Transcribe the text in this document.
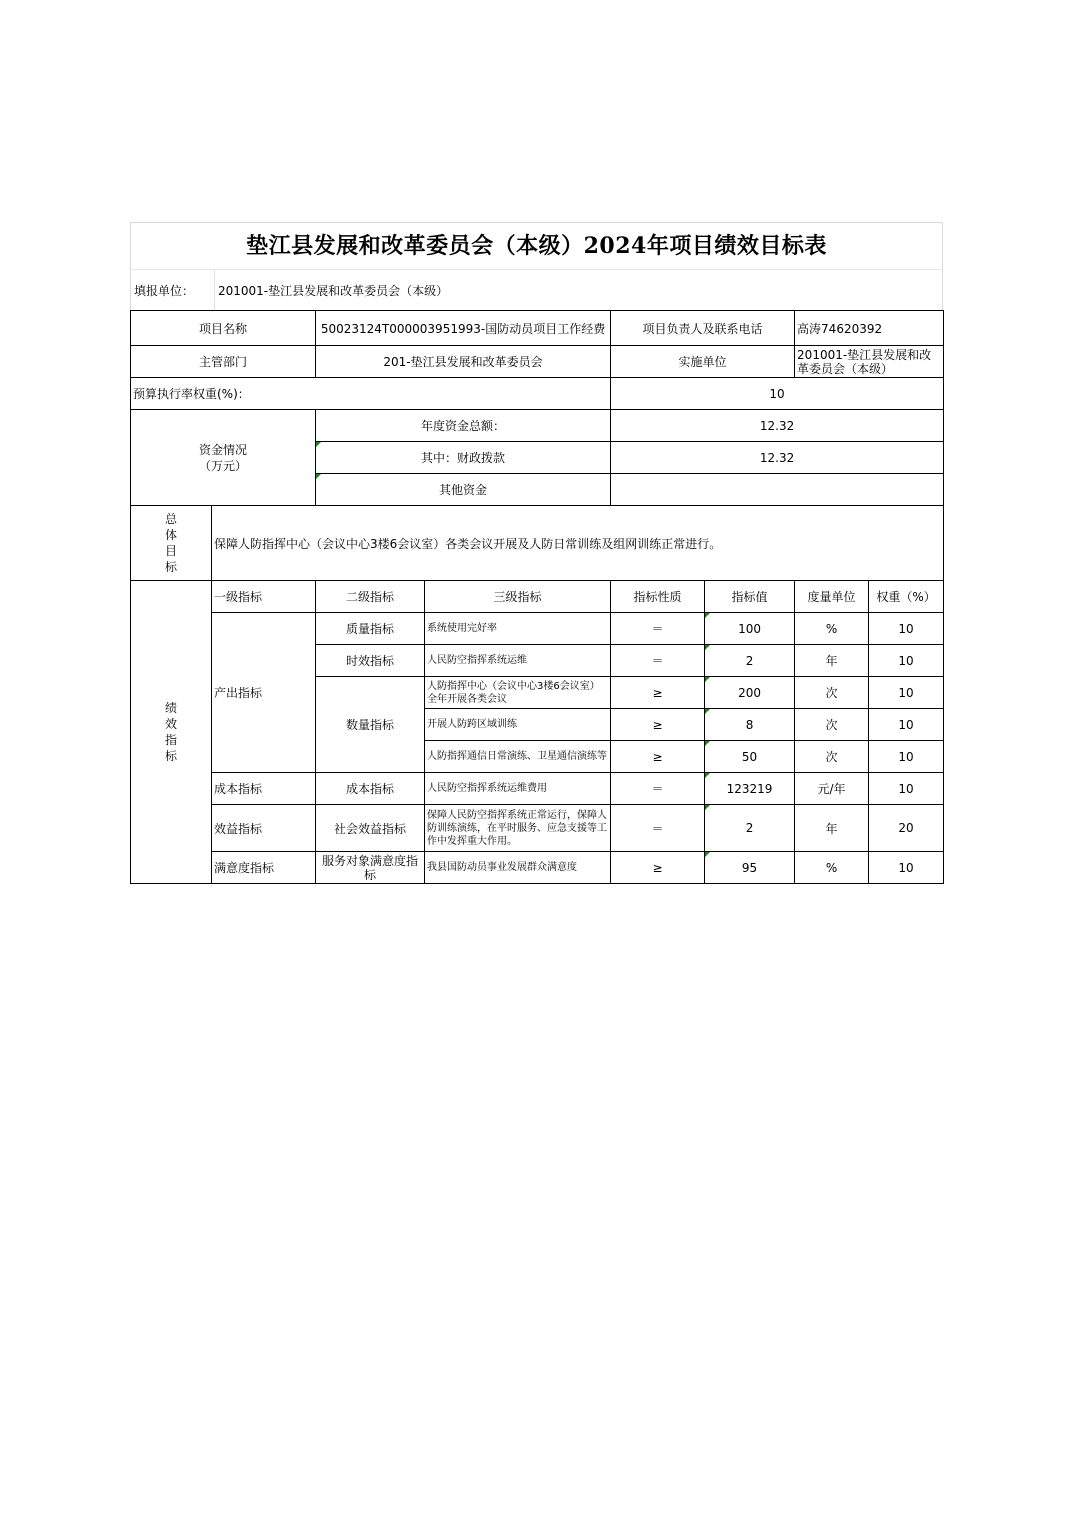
垫江县发展和改革委员会（本级）2024年项目绩效目标表
填报单位：	201001-垫江县发展和改革委员会（本级）
项目名称		50023124T000003951993-国防动员项目工作经费		项目负责人及联系电话		高涛74620392	
主管部门		201-垫江县发展和改革委员会		实施单位		201001-垫江县发展和改革委员会（本级）	
预算执行率权重(%)：				10			
资金情况（万元）		年度资金总额：		12.32			
		其中：财政拨款		12.32			
		其他资金					
总体目标	保障人防指挥中心（会议中心3楼6会议室）各类会议开展及人防日常训练及组网训练正常进行。						
绩效指标	一级指标	二级指标	三级指标	指标性质	指标值	度量单位	权重（%）
	产出指标	质量指标	系统使用完好率	＝	100	%	10
		时效指标	人民防空指挥系统运维	＝	2	年	10
		数量指标	人防指挥中心（会议中心3楼6会议室）全年开展各类会议	≥	200	次	10
			开展人防跨区域训练	≥	8	次	10
			人防指挥通信日常演练、卫星通信演练等	≥	50	次	10
	成本指标	成本指标	人民防空指挥系统运维费用	＝	123219	元/年	10
	效益指标	社会效益指标	保障人民防空指挥系统正常运行，保障人防训练演练，在平时服务、应急支援等工作中发挥重大作用。	＝	2	年	20
	满意度指标	服务对象满意度指标	我县国防动员事业发展群众满意度	≥	95	%	10
